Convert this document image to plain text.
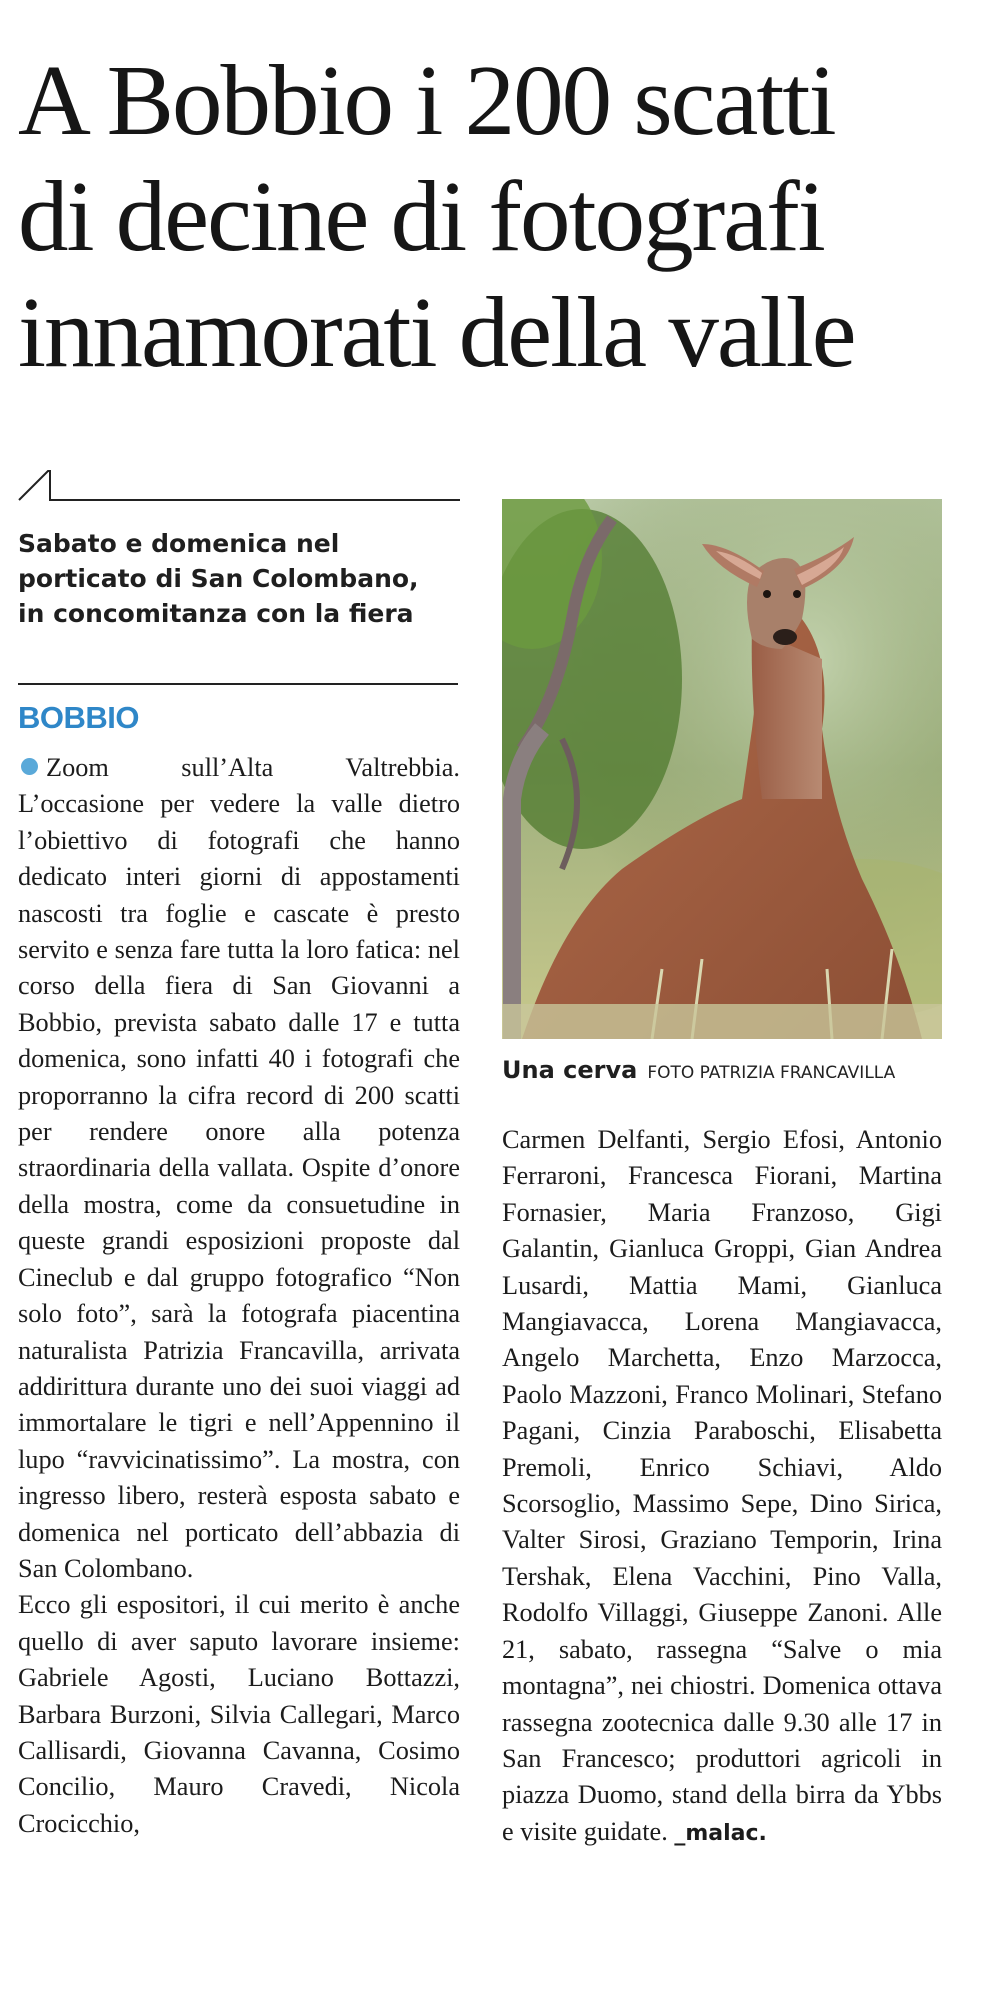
A Bobbio i 200 scatti
di decine di fotografi
innamorati della valle
Sabato e domenica nel
porticato di San Colombano,
in concomitanza con la fiera
BOBBIO

Zoom sull’Alta Valtrebbia. L’occasione per vedere la valle dietro l’obiettivo di fotografi che hanno dedicato interi giorni di appostamenti nascosti tra foglie e cascate è presto servito e senza fare tutta la loro fatica: nel corso della fiera di San Giovanni a Bobbio, prevista sabato dalle 17 e tutta domenica, sono infatti 40 i fotografi che proporranno la cifra record di 200 scatti per rendere onore alla potenza straordinaria della vallata. Ospite d’onore della mostra, come da consuetudine in queste grandi esposizioni proposte dal Cineclub e dal gruppo fotografico “Non solo foto”, sarà la fotografa piacentina naturalista Patrizia Francavilla, arrivata addirittura durante uno dei suoi viaggi ad immortalare le tigri e nell’Appennino il lupo “ravvicinatissimo”. La mostra, con ingresso libero, resterà esposta sabato e domenica nel porticato dell’abbazia di San Colombano.

Ecco gli espositori, il cui merito è anche quello di aver saputo lavorare insieme: Gabriele Agosti, Luciano Bottazzi, Barbara Burzoni, Silvia Callegari, Marco Callisardi, Giovanna Cavanna, Cosimo Concilio, Mauro Cravedi, Nicola Crocicchio,

Una cerva FOTO PATRIZIA FRANCAVILLA

Carmen Delfanti, Sergio Efosi, Antonio Ferraroni, Francesca Fiorani, Martina Fornasier, Maria Franzoso, Gigi Galantin, Gianluca Groppi, Gian Andrea Lusardi, Mattia Mami, Gianluca Mangiavacca, Lorena Mangiavacca, Angelo Marchetta, Enzo Marzocca, Paolo Mazzoni, Franco Molinari, Stefano Pagani, Cinzia Paraboschi, Elisabetta Premoli, Enrico Schiavi, Aldo Scorsoglio, Massimo Sepe, Dino Sirica, Valter Sirosi, Graziano Temporin, Irina Tershak, Elena Vacchini, Pino Valla, Rodolfo Villaggi, Giuseppe Zanoni. Alle 21, sabato, rassegna “Salve o mia montagna”, nei chiostri. Domenica ottava rassegna zootecnica dalle 9.30 alle 17 in San Francesco; produttori agricoli in piazza Duomo, stand della birra da Ybbs e visite guidate. _malac.
